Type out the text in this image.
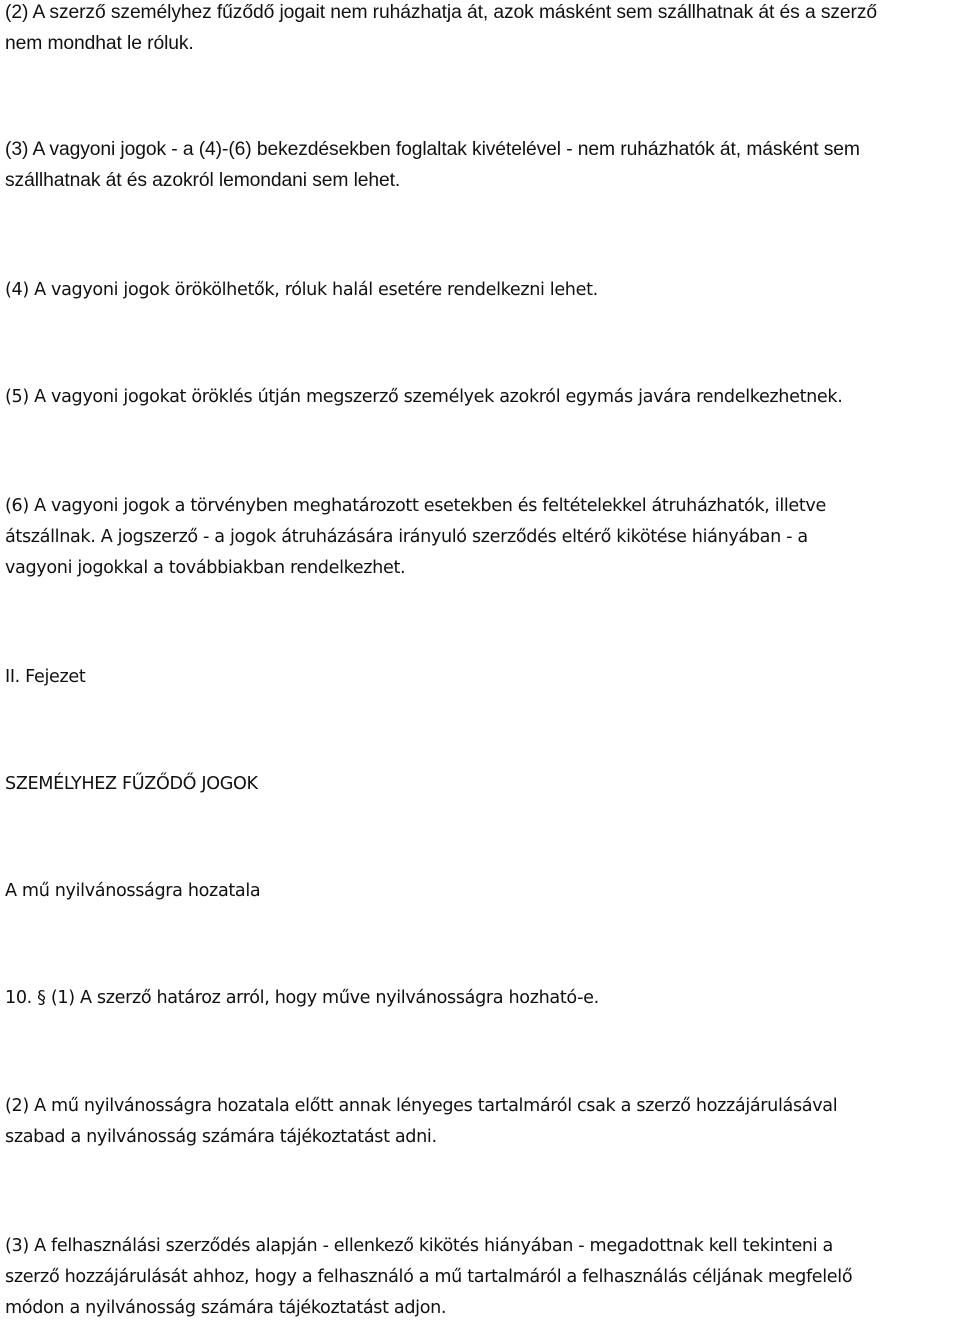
(2) A szerző személyhez fűződő jogait nem ruházhatja át, azok másként sem szállhatnak át és a szerző
nem mondhat le róluk.

(3) A vagyoni jogok - a (4)-(6) bekezdésekben foglaltak kivételével - nem ruházhatók át, másként sem
szállhatnak át és azokról lemondani sem lehet.

(4) A vagyoni jogok örökölhetők, róluk halál esetére rendelkezni lehet.

(5) A vagyoni jogokat öröklés útján megszerző személyek azokról egymás javára rendelkezhetnek.

(6) A vagyoni jogok a törvényben meghatározott esetekben és feltételekkel átruházhatók, illetve
átszállnak. A jogszerző - a jogok átruházására irányuló szerződés eltérő kikötése hiányában - a
vagyoni jogokkal a továbbiakban rendelkezhet.

II. Fejezet

SZEMÉLYHEZ FŰZŐDŐ JOGOK

A mű nyilvánosságra hozatala

10. § (1) A szerző határoz arról, hogy műve nyilvánosságra hozható-e.

(2) A mű nyilvánosságra hozatala előtt annak lényeges tartalmáról csak a szerző hozzájárulásával
szabad a nyilvánosság számára tájékoztatást adni.

(3) A felhasználási szerződés alapján - ellenkező kikötés hiányában - megadottnak kell tekinteni a
szerző hozzájárulását ahhoz, hogy a felhasználó a mű tartalmáról a felhasználás céljának megfelelő
módon a nyilvánosság számára tájékoztatást adjon.
